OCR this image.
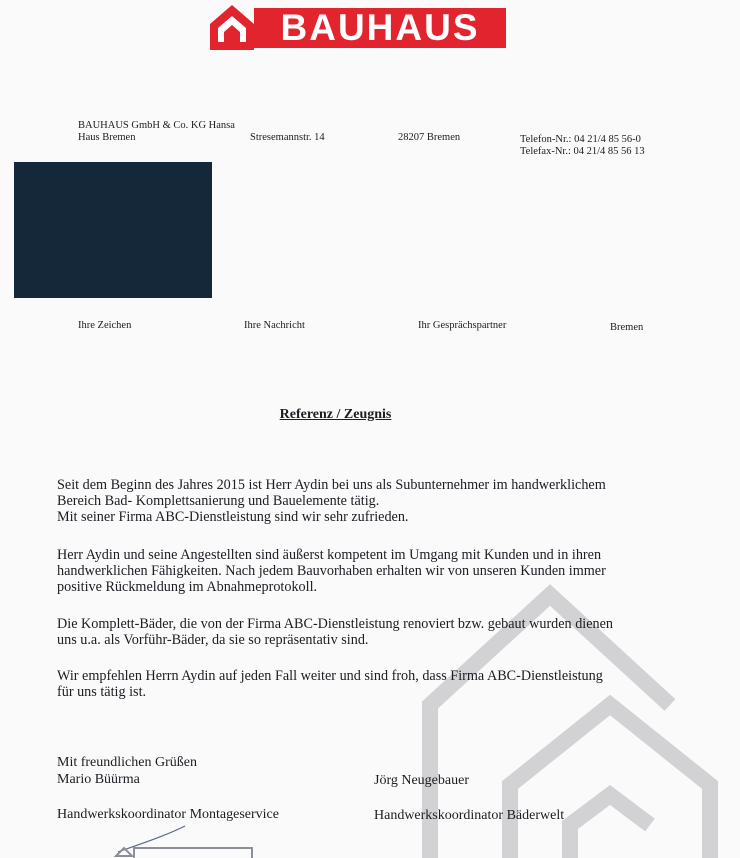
BAUHAUS
BAUHAUS GmbH & Co. KG Hansa
Haus Bremen	Stresemannstr. 14	28207 Bremen	Telefon-Nr.: 04 21/4 85 56-0
Telefax-Nr.: 04 21/4 85 56 13
Ihre Zeichen	Ihre Nachricht	Ihr Gesprächspartner	Bremen
Referenz / Zeugnis
Seit dem Beginn des Jahres 2015 ist Herr Aydin bei uns als Subunternehmer im handwerklichem
Bereich Bad- Komplettsanierung und Bauelemente tätig.
Mit seiner Firma ABC-Dienstleistung sind wir sehr zufrieden.
Herr Aydin und seine Angestellten sind äußerst kompetent im Umgang mit Kunden und in ihren
handwerklichen Fähigkeiten. Nach jedem Bauvorhaben erhalten wir von unseren Kunden immer
positive Rückmeldung im Abnahmeprotokoll.
Die Komplett-Bäder, die von der Firma ABC-Dienstleistung renoviert bzw. gebaut wurden dienen
uns u.a. als Vorführ-Bäder, da sie so repräsentativ sind.
Wir empfehlen Herrn Aydin auf jeden Fall weiter und sind froh, dass Firma ABC-Dienstleistung
für uns tätig ist.
Mit freundlichen Grüßen
Mario Büürma
Handwerkskoordinator Montageservice
Jörg Neugebauer
Handwerkskoordinator Bäderwelt
